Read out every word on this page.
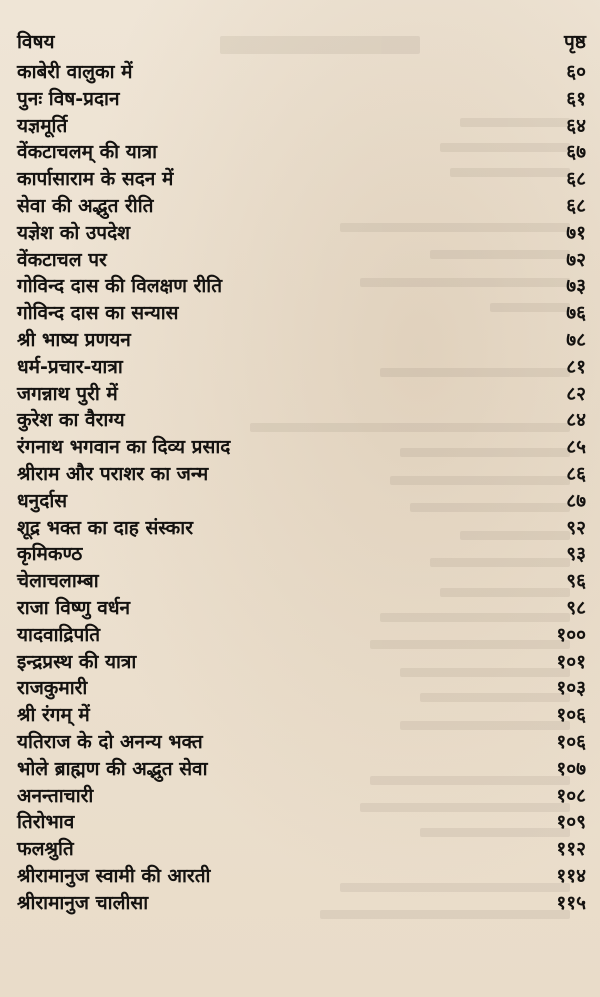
विषय	पृष्ठ
काबेरी वालुका में	६०
पुनः विष-प्रदान	६१
यज्ञमूर्ति	६४
वेंकटाचलम् की यात्रा	६७
कार्पासाराम के सदन में	६८
सेवा की अद्भुत रीति	६८
यज्ञेश को उपदेश	७१
वेंकटाचल पर	७२
गोविन्द दास की विलक्षण रीति	७३
गोविन्द दास का सन्यास	७६
श्री भाष्य प्रणयन	७८
धर्म-प्रचार-यात्रा	८१
जगन्नाथ पुरी में	८२
कुरेश का वैराग्य	८४
रंगनाथ भगवान का दिव्य प्रसाद	८५
श्रीराम और पराशर का जन्म	८६
धनुर्दास	८७
शूद्र भक्त का दाह संस्कार	९२
कृमिकण्ठ	९३
चेलाचलाम्बा	९६
राजा विष्णु वर्धन	९८
यादवाद्रिपति	१००
इन्द्रप्रस्थ की यात्रा	१०१
राजकुमारी	१०३
श्री रंगम् में	१०६
यतिराज के दो अनन्य भक्त	१०६
भोले ब्राह्मण की अद्भुत सेवा	१०७
अनन्ताचारी	१०८
तिरोभाव	१०९
फलश्रुति	११२
श्रीरामानुज स्वामी की आरती	११४
श्रीरामानुज चालीसा	११५
